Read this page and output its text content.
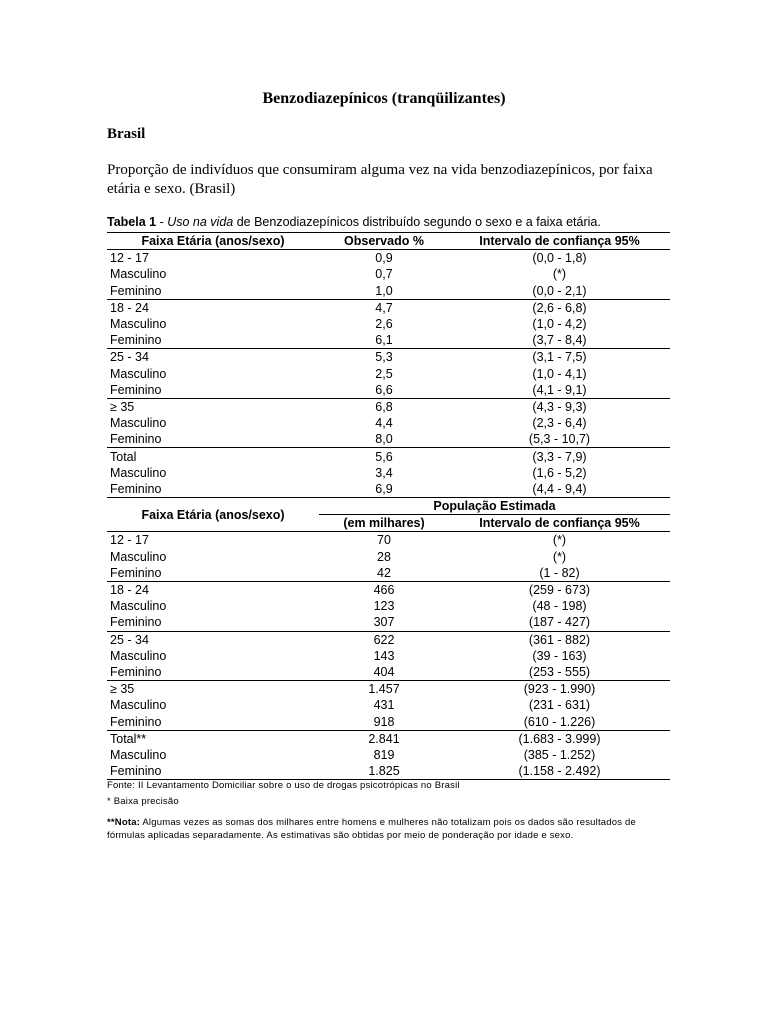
Benzodiazepínicos (tranqüilizantes)
Brasil
Proporção de indivíduos que consumiram alguma vez na vida benzodiazepínicos, por faixa etária e sexo. (Brasil)
Tabela 1 - Uso na vida de Benzodiazepínicos distribuído segundo o sexo e a faixa etária.
Faixa Etária (anos/sexo)	Observado %	Intervalo de confiança 95%
12 - 17	0,9	(0,0 - 1,8)
Masculino	0,7	(*)
Feminino	1,0	(0,0 - 2,1)
18 - 24	4,7	(2,6 - 6,8)
Masculino	2,6	(1,0 - 4,2)
Feminino	6,1	(3,7 - 8,4)
25 - 34	5,3	(3,1 - 7,5)
Masculino	2,5	(1,0 - 4,1)
Feminino	6,6	(4,1 - 9,1)
≥ 35	6,8	(4,3 - 9,3)
Masculino	4,4	(2,3 - 6,4)
Feminino	8,0	(5,3 - 10,7)
Total	5,6	(3,3 - 7,9)
Masculino	3,4	(1,6 - 5,2)
Feminino	6,9	(4,4 - 9,4)
Faixa Etária (anos/sexo)	População Estimada	
	(em milhares)	Intervalo de confiança 95%
12 - 17	70	(*)
Masculino	28	(*)
Feminino	42	(1 - 82)
18 - 24	466	(259 - 673)
Masculino	123	(48 - 198)
Feminino	307	(187 - 427)
25 - 34	622	(361 - 882)
Masculino	143	(39 - 163)
Feminino	404	(253 - 555)
≥ 35	1.457	(923 - 1.990)
Masculino	431	(231 - 631)
Feminino	918	(610 - 1.226)
Total**	2.841	(1.683 - 3.999)
Masculino	819	(385 - 1.252)
Feminino	1.825	(1.158 - 2.492)
Fonte: II Levantamento Domiciliar sobre o uso de drogas psicotrópicas no Brasil
* Baixa precisão
**Nota: Algumas vezes as somas dos milhares entre homens e mulheres não totalizam pois os dados são resultados de fórmulas aplicadas separadamente. As estimativas são obtidas por meio de ponderação por idade e sexo.
